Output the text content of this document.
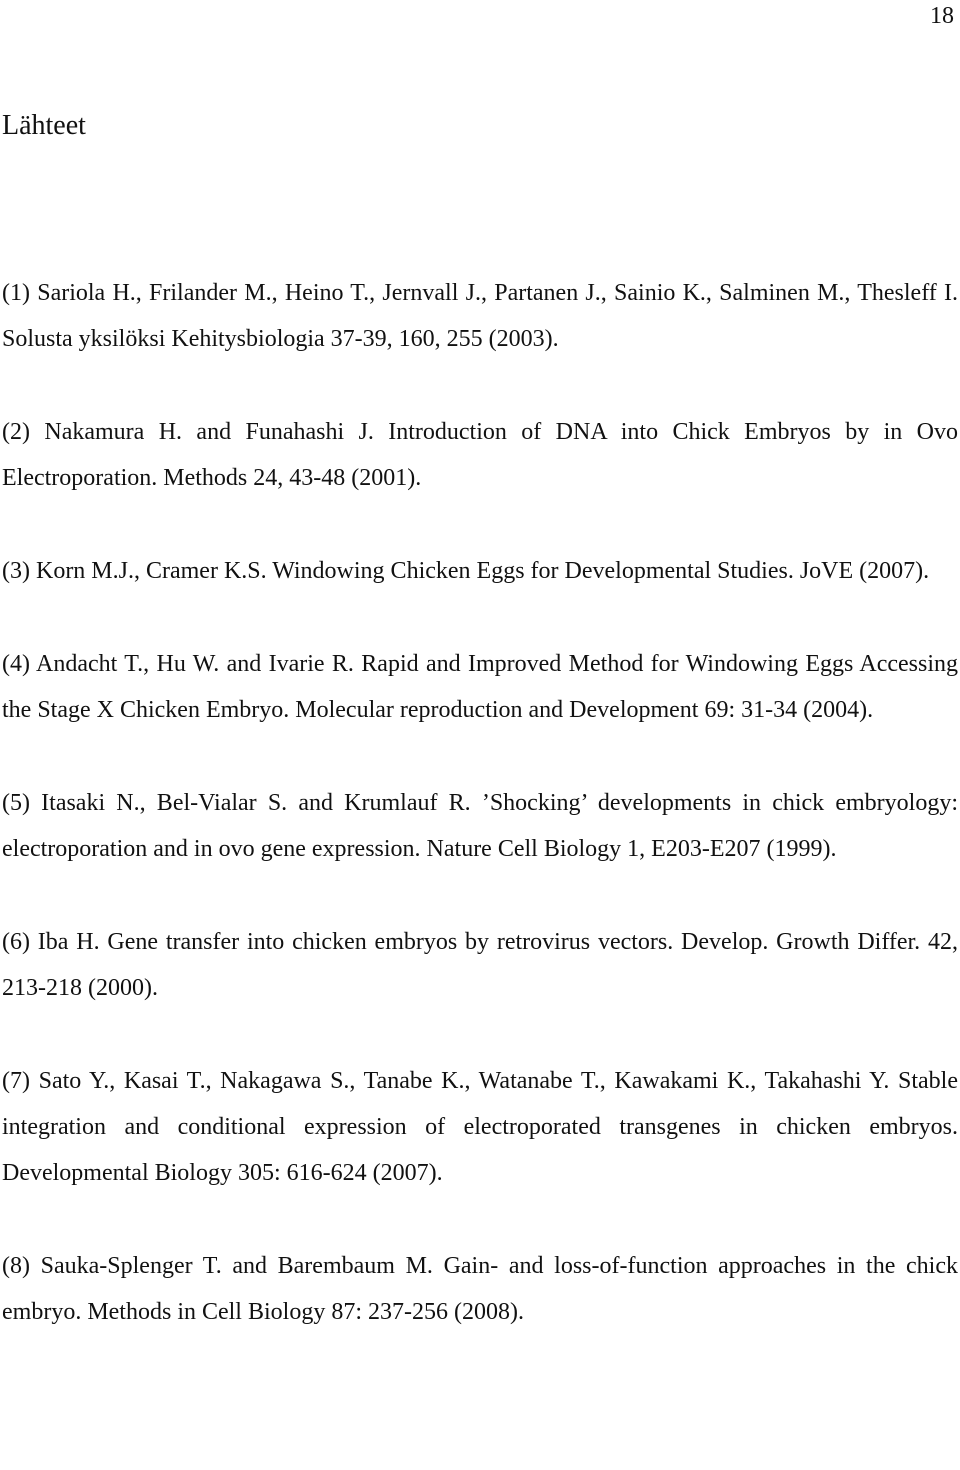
18
Lähteet
(1) Sariola H., Frilander M., Heino T., Jernvall J., Partanen J., Sainio K., Salminen M., Thesleff I. Solusta yksilöksi Kehitysbiologia 37-39, 160, 255 (2003).
(2) Nakamura H. and Funahashi J. Introduction of DNA into Chick Embryos by in Ovo Electroporation. Methods 24, 43-48 (2001).
(3) Korn M.J., Cramer K.S. Windowing Chicken Eggs for Developmental Studies. JoVE (2007).
(4) Andacht T., Hu W. and Ivarie R. Rapid and Improved Method for Windowing Eggs Accessing the Stage X Chicken Embryo. Molecular reproduction and Development 69: 31-34 (2004).
(5) Itasaki N., Bel-Vialar S. and Krumlauf R. ’Shocking’ developments in chick embryology: electroporation and in ovo gene expression. Nature Cell Biology 1, E203-E207 (1999).
(6) Iba H. Gene transfer into chicken embryos by retrovirus vectors. Develop. Growth Differ. 42, 213-218 (2000).
(7) Sato Y., Kasai T., Nakagawa S., Tanabe K., Watanabe T., Kawakami K., Takahashi Y. Stable integration and conditional expression of electroporated transgenes in chicken embryos. Developmental Biology 305: 616-624 (2007).
(8) Sauka-Splenger T. and Barembaum M. Gain- and loss-of-function approaches in the chick embryo. Methods in Cell Biology 87: 237-256 (2008).
